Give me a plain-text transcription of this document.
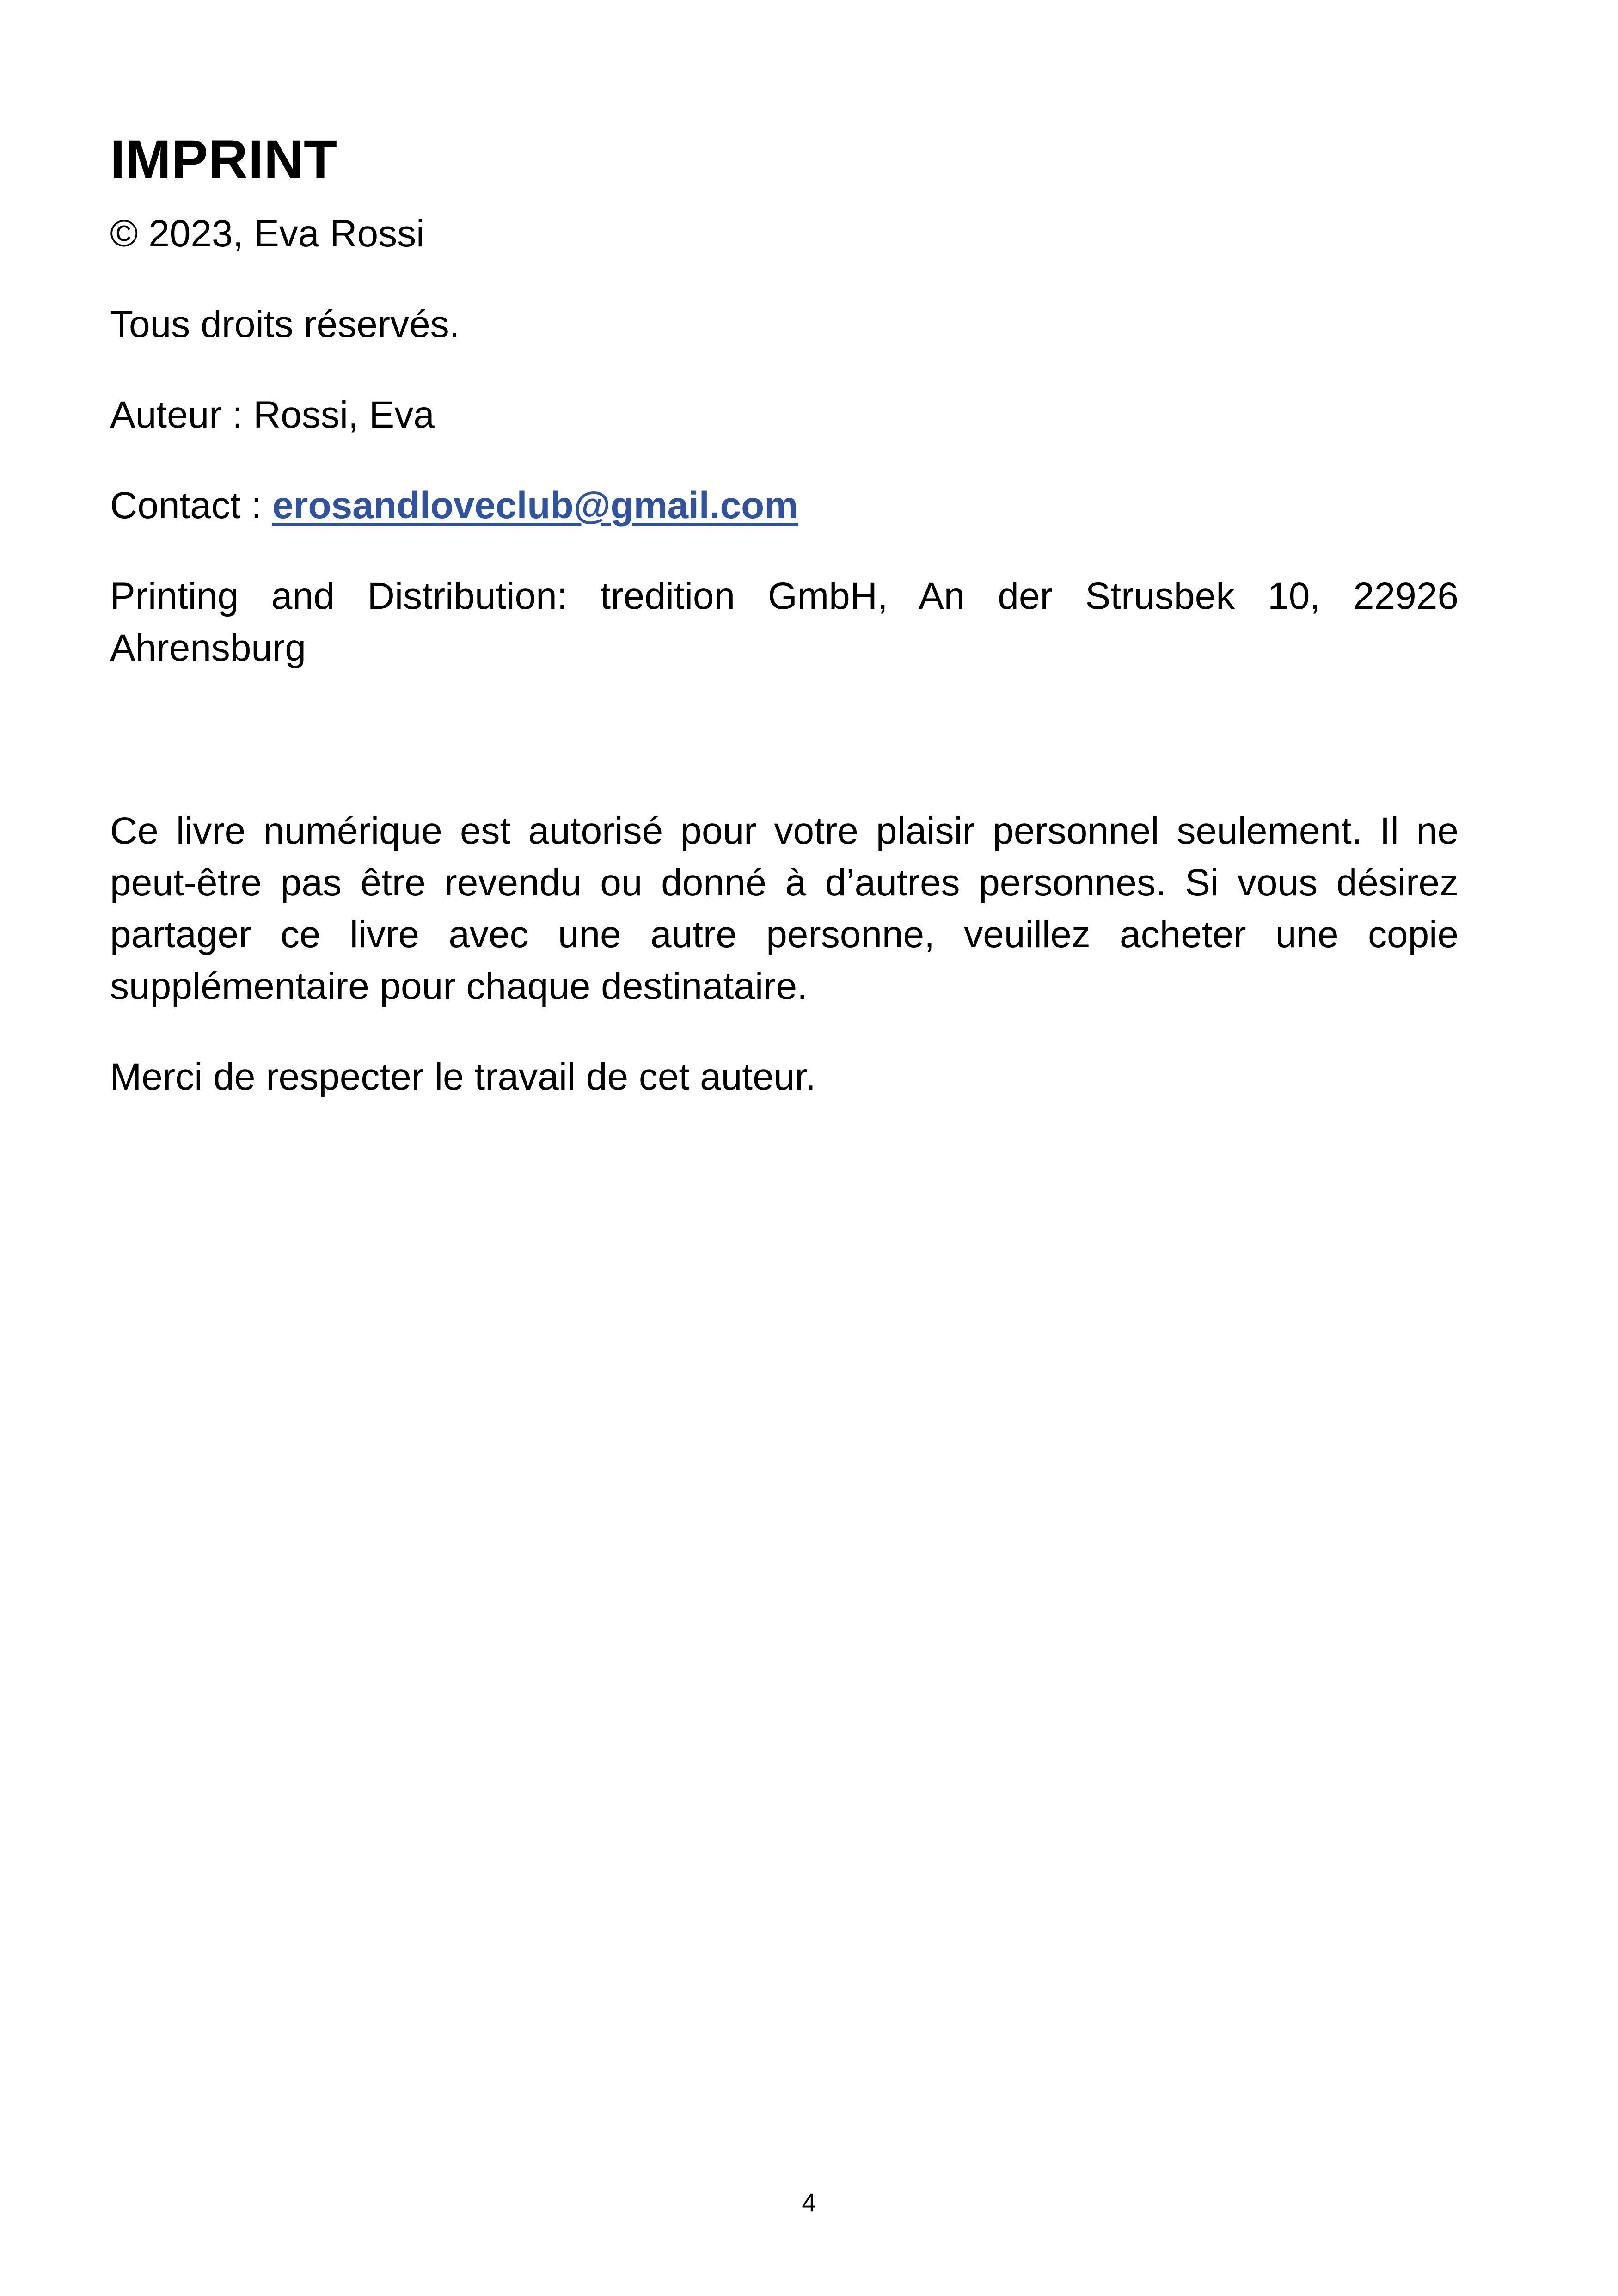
IMPRINT

© 2023, Eva Rossi

Tous droits réservés.

Auteur : Rossi, Eva

Contact : erosandloveclub@gmail.com

Printing and Distribution: tredition GmbH, An der Strusbek 10, 22926 Ahrensburg

Ce livre numérique est autorisé pour votre plaisir personnel seulement. Il ne peut-être pas être revendu ou donné à d’autres personnes. Si vous désirez partager ce livre avec une autre personne, veuillez acheter une copie supplémentaire pour chaque destinataire.

Merci de respecter le travail de cet auteur.

4
